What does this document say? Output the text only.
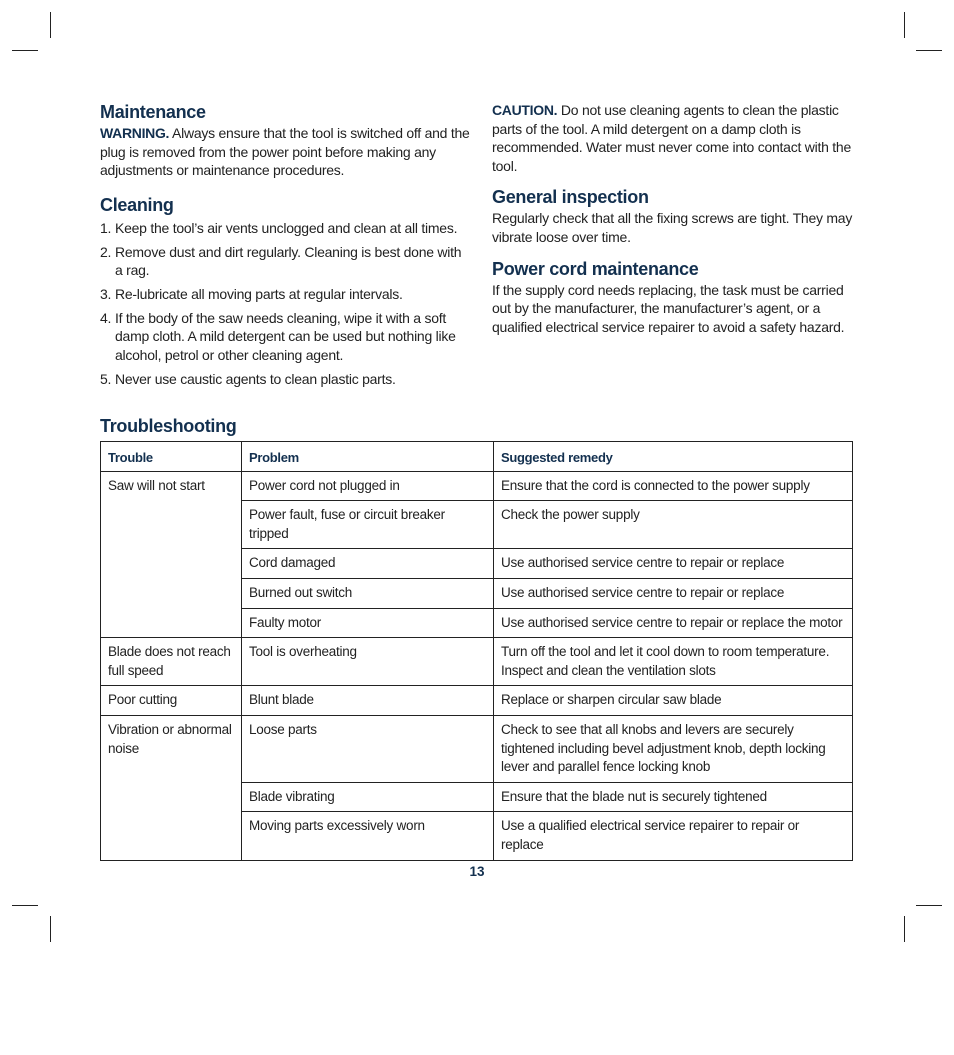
Maintenance

WARNING. Always ensure that the tool is switched off and the plug is removed from the power point before making any adjustments or maintenance procedures.

Cleaning
1. Keep the tool’s air vents unclogged and clean at all times.
2. Remove dust and dirt regularly. Cleaning is best done with a rag.
3. Re-lubricate all moving parts at regular intervals.
4. If the body of the saw needs cleaning, wipe it with a soft damp cloth. A mild detergent can be used but nothing like alcohol, petrol or other cleaning agent.
5. Never use caustic agents to clean plastic parts.

CAUTION. Do not use cleaning agents to clean the plastic parts of the tool. A mild detergent on a damp cloth is recommended. Water must never come into contact with the tool.

General inspection

Regularly check that all the fixing screws are tight. They may vibrate loose over time.

Power cord maintenance

If the supply cord needs replacing, the task must be carried out by the manufacturer, the manufacturer’s agent, or a qualified electrical service repairer to avoid a safety hazard.

Troubleshooting
Trouble	Problem	Suggested remedy
Saw will not start	Power cord not plugged in	Ensure that the cord is connected to the power supply
	Power fault, fuse or circuit breaker tripped	Check the power supply
	Cord damaged	Use authorised service centre to repair or replace
	Burned out switch	Use authorised service centre to repair or replace
	Faulty motor	Use authorised service centre to repair or replace the motor
Blade does not reach full speed	Tool is overheating	Turn off the tool and let it cool down to room temperature. Inspect and clean the ventilation slots
Poor cutting	Blunt blade	Replace or sharpen circular saw blade
Vibration or abnormal noise	Loose parts	Check to see that all knobs and levers are securely tightened including bevel adjustment knob, depth locking lever and parallel fence locking knob
	Blade vibrating	Ensure that the blade nut is securely tightened
	Moving parts excessively worn	Use a qualified electrical service repairer to repair or replace
13
